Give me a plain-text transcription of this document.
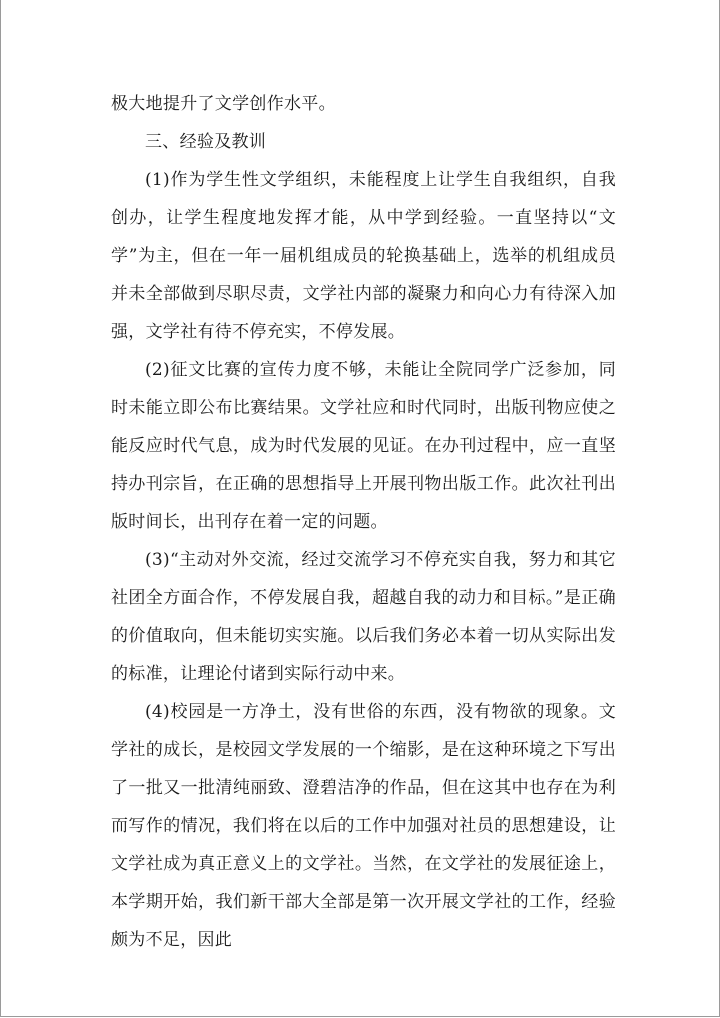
极大地提升了文学创作水平。

三、经验及教训

(1)作为学生性文学组织，未能程度上让学生自我组织，自我创办，让学生程度地发挥才能，从中学到经验。一直坚持以“文学”为主，但在一年一届机组成员的轮换基础上，选举的机组成员并未全部做到尽职尽责，文学社内部的凝聚力和向心力有待深入加强，文学社有待不停充实，不停发展。

(2)征文比赛的宣传力度不够，未能让全院同学广泛参加，同时未能立即公布比赛结果。文学社应和时代同时，出版刊物应使之能反应时代气息，成为时代发展的见证。在办刊过程中，应一直坚持办刊宗旨，在正确的思想指导上开展刊物出版工作。此次社刊出版时间长，出刊存在着一定的问题。

(3)“主动对外交流，经过交流学习不停充实自我，努力和其它社团全方面合作，不停发展自我，超越自我的动力和目标。”是正确的价值取向，但未能切实实施。以后我们务必本着一切从实际出发的标准，让理论付诸到实际行动中来。

(4)校园是一方净土，没有世俗的东西，没有物欲的现象。文学社的成长，是校园文学发展的一个缩影，是在这种环境之下写出了一批又一批清纯丽致、澄碧洁净的作品，但在这其中也存在为利而写作的情况，我们将在以后的工作中加强对社员的思想建设，让文学社成为真正意义上的文学社。当然，在文学社的发展征途上，本学期开始，我们新干部大全部是第一次开展文学社的工作，经验颇为不足，因此
